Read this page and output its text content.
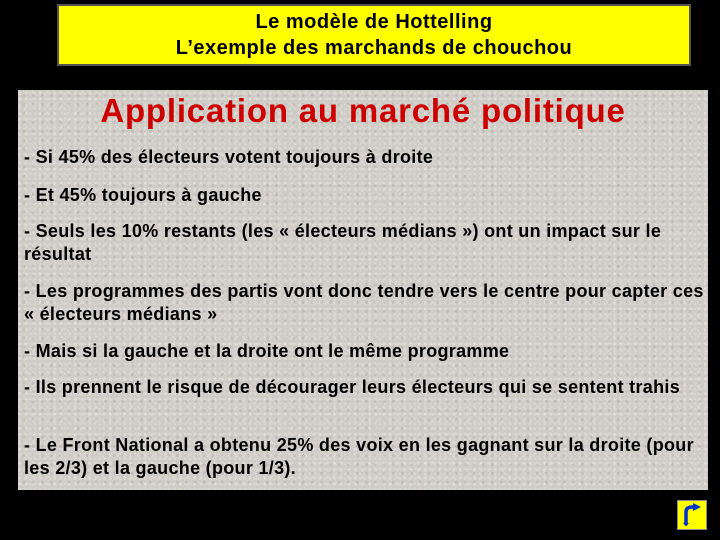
Le modèle de Hottelling
L’exemple des marchands de chouchou
Application au marché politique
- Si 45% des électeurs votent toujours à droite
- Et 45% toujours à gauche
- Seuls les 10% restants (les « électeurs médians ») ont un impact sur le résultat
- Les programmes des partis vont donc tendre vers le centre pour capter ces « électeurs médians »
- Mais si la gauche et la droite ont le même programme
- Ils prennent le risque de décourager leurs électeurs qui se sentent trahis
- Le Front National a obtenu 25% des voix en les gagnant sur la droite (pour les 2/3) et la gauche (pour 1/3).
